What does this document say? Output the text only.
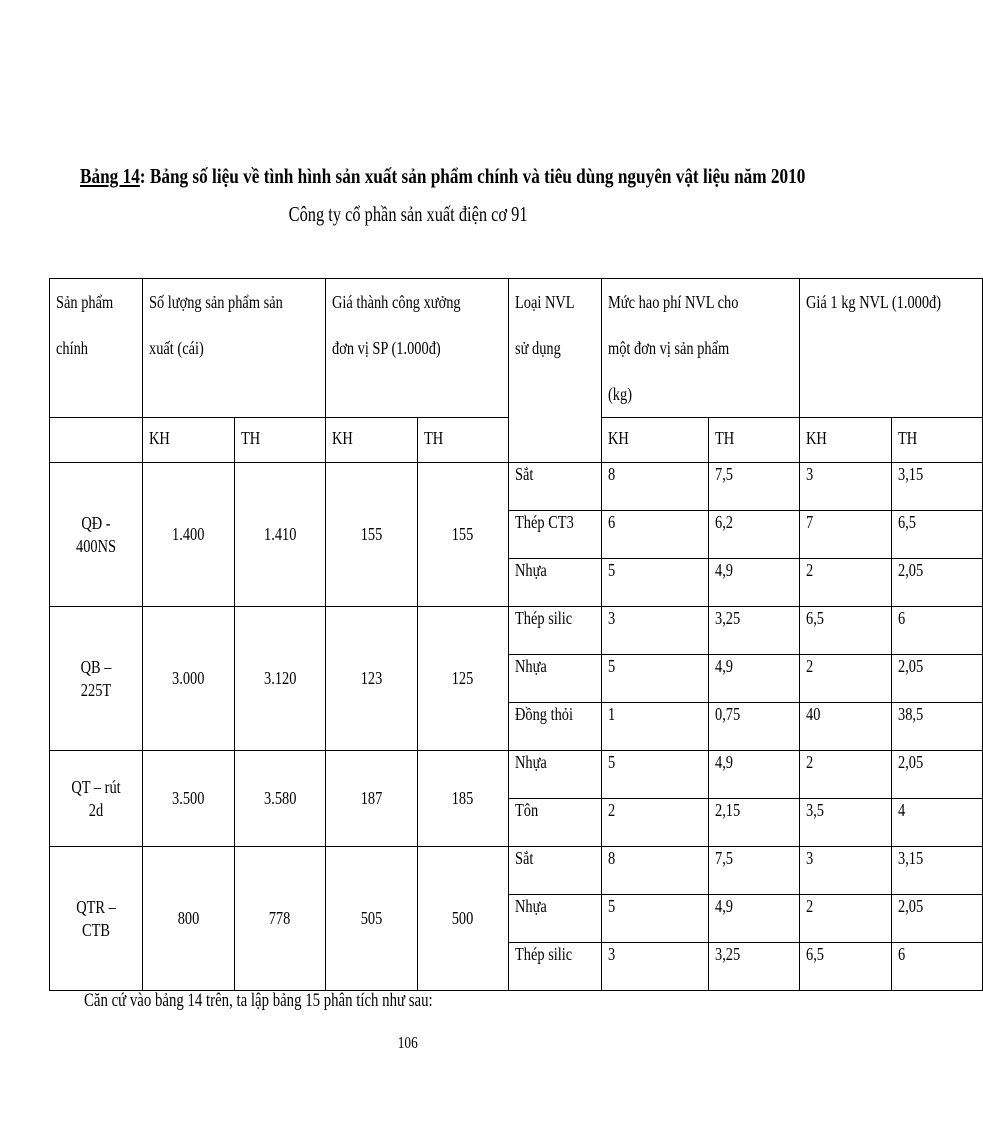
Bảng 14: Bảng số liệu về tình hình sản xuất sản phẩm chính và tiêu dùng nguyên vật liệu năm 2010
Công ty cổ phần sản xuất điện cơ 91
Sản phẩm chính	Số lượng sản phẩm sản xuất (cái)		Giá thành công xưởng đơn vị SP (1.000đ)		Loại NVL sử dụng	Mức hao phí NVL cho một đơn vị sản phẩm (kg)		Giá 1 kg NVL (1.000đ)	
	KH	TH	KH	TH		KH	TH	KH	TH
QĐ - 400NS	1.400	1.410	155	155	Sắt	8	7,5	3	3,15
					Thép CT3	6	6,2	7	6,5
					Nhựa	5	4,9	2	2,05
QB – 225T	3.000	3.120	123	125	Thép silic	3	3,25	6,5	6
					Nhựa	5	4,9	2	2,05
					Đồng thỏi	1	0,75	40	38,5
QT – rút 2d	3.500	3.580	187	185	Nhựa	5	4,9	2	2,05
					Tôn	2	2,15	3,5	4
QTR – CTB	800	778	505	500	Sắt	8	7,5	3	3,15
					Nhựa	5	4,9	2	2,05
					Thép silic	3	3,25	6,5	6
Căn cứ vào bảng 14 trên, ta lập bảng 15 phân tích như sau:
106
